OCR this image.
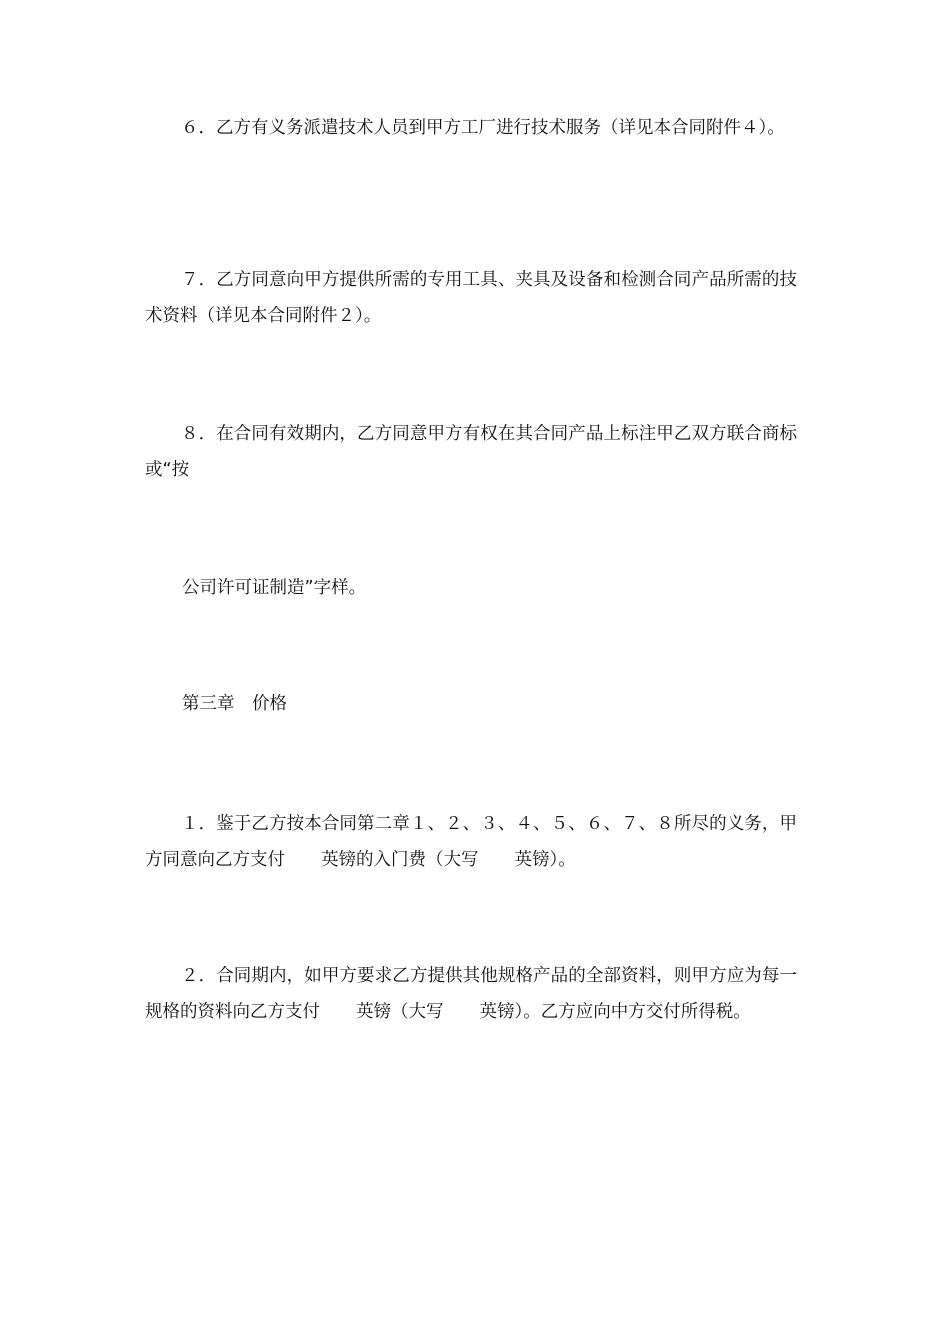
６．乙方有义务派遣技术人员到甲方工厂进行技术服务（详见本合同附件４）。

７．乙方同意向甲方提供所需的专用工具、夹具及设备和检测合同产品所需的技术资料（详见本合同附件２）。

８．在合同有效期内，乙方同意甲方有权在其合同产品上标注甲乙双方联合商标或“按

公司许可证制造”字样。

第三章　价格

１．鉴于乙方按本合同第二章１、２、３、４、５、６、７、８所尽的义务，甲方同意向乙方支付 英镑的入门费（大写 英镑）。

２．合同期内，如甲方要求乙方提供其他规格产品的全部资料，则甲方应为每一规格的资料向乙方支付 英镑（大写 英镑）。乙方应向中方交付所得税。
